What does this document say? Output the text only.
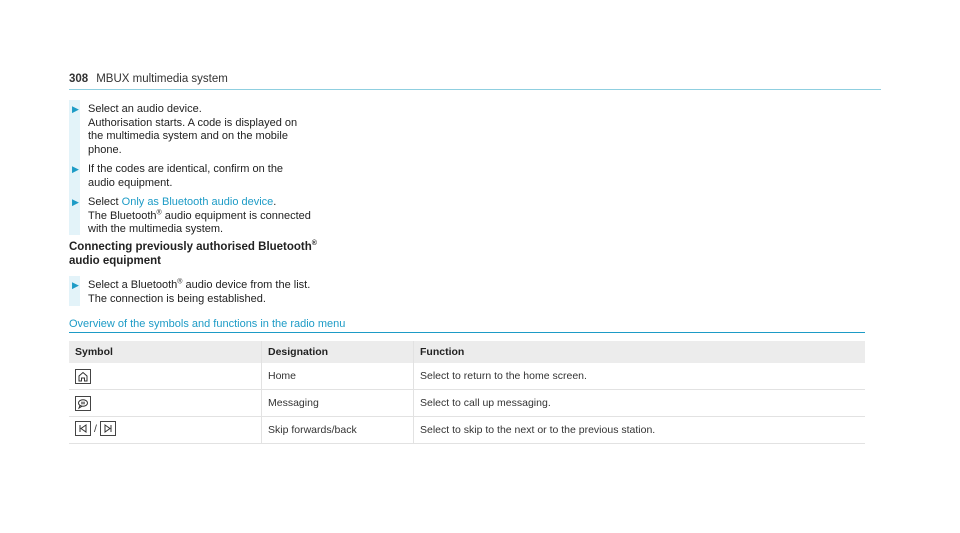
308 MBUX multimedia system
▶ Select an audio device.
Authorisation starts. A code is displayed on
the multimedia system and on the mobile
phone.
▶ If the codes are identical, confirm on the
audio equipment.
▶ Select Only as Bluetooth audio device.
The Bluetooth® audio equipment is connected
with the multimedia system.
Connecting previously authorised Bluetooth®
audio equipment
▶ Select a Bluetooth® audio device from the list.
The connection is being established.
Overview of the symbols and functions in the radio menu
Symbol	Designation	Function

	Home	Select to return to the home screen.

	Messaging	Select to call up messaging.

/	Skip forwards/back	Select to skip to the next or to the previous station.
